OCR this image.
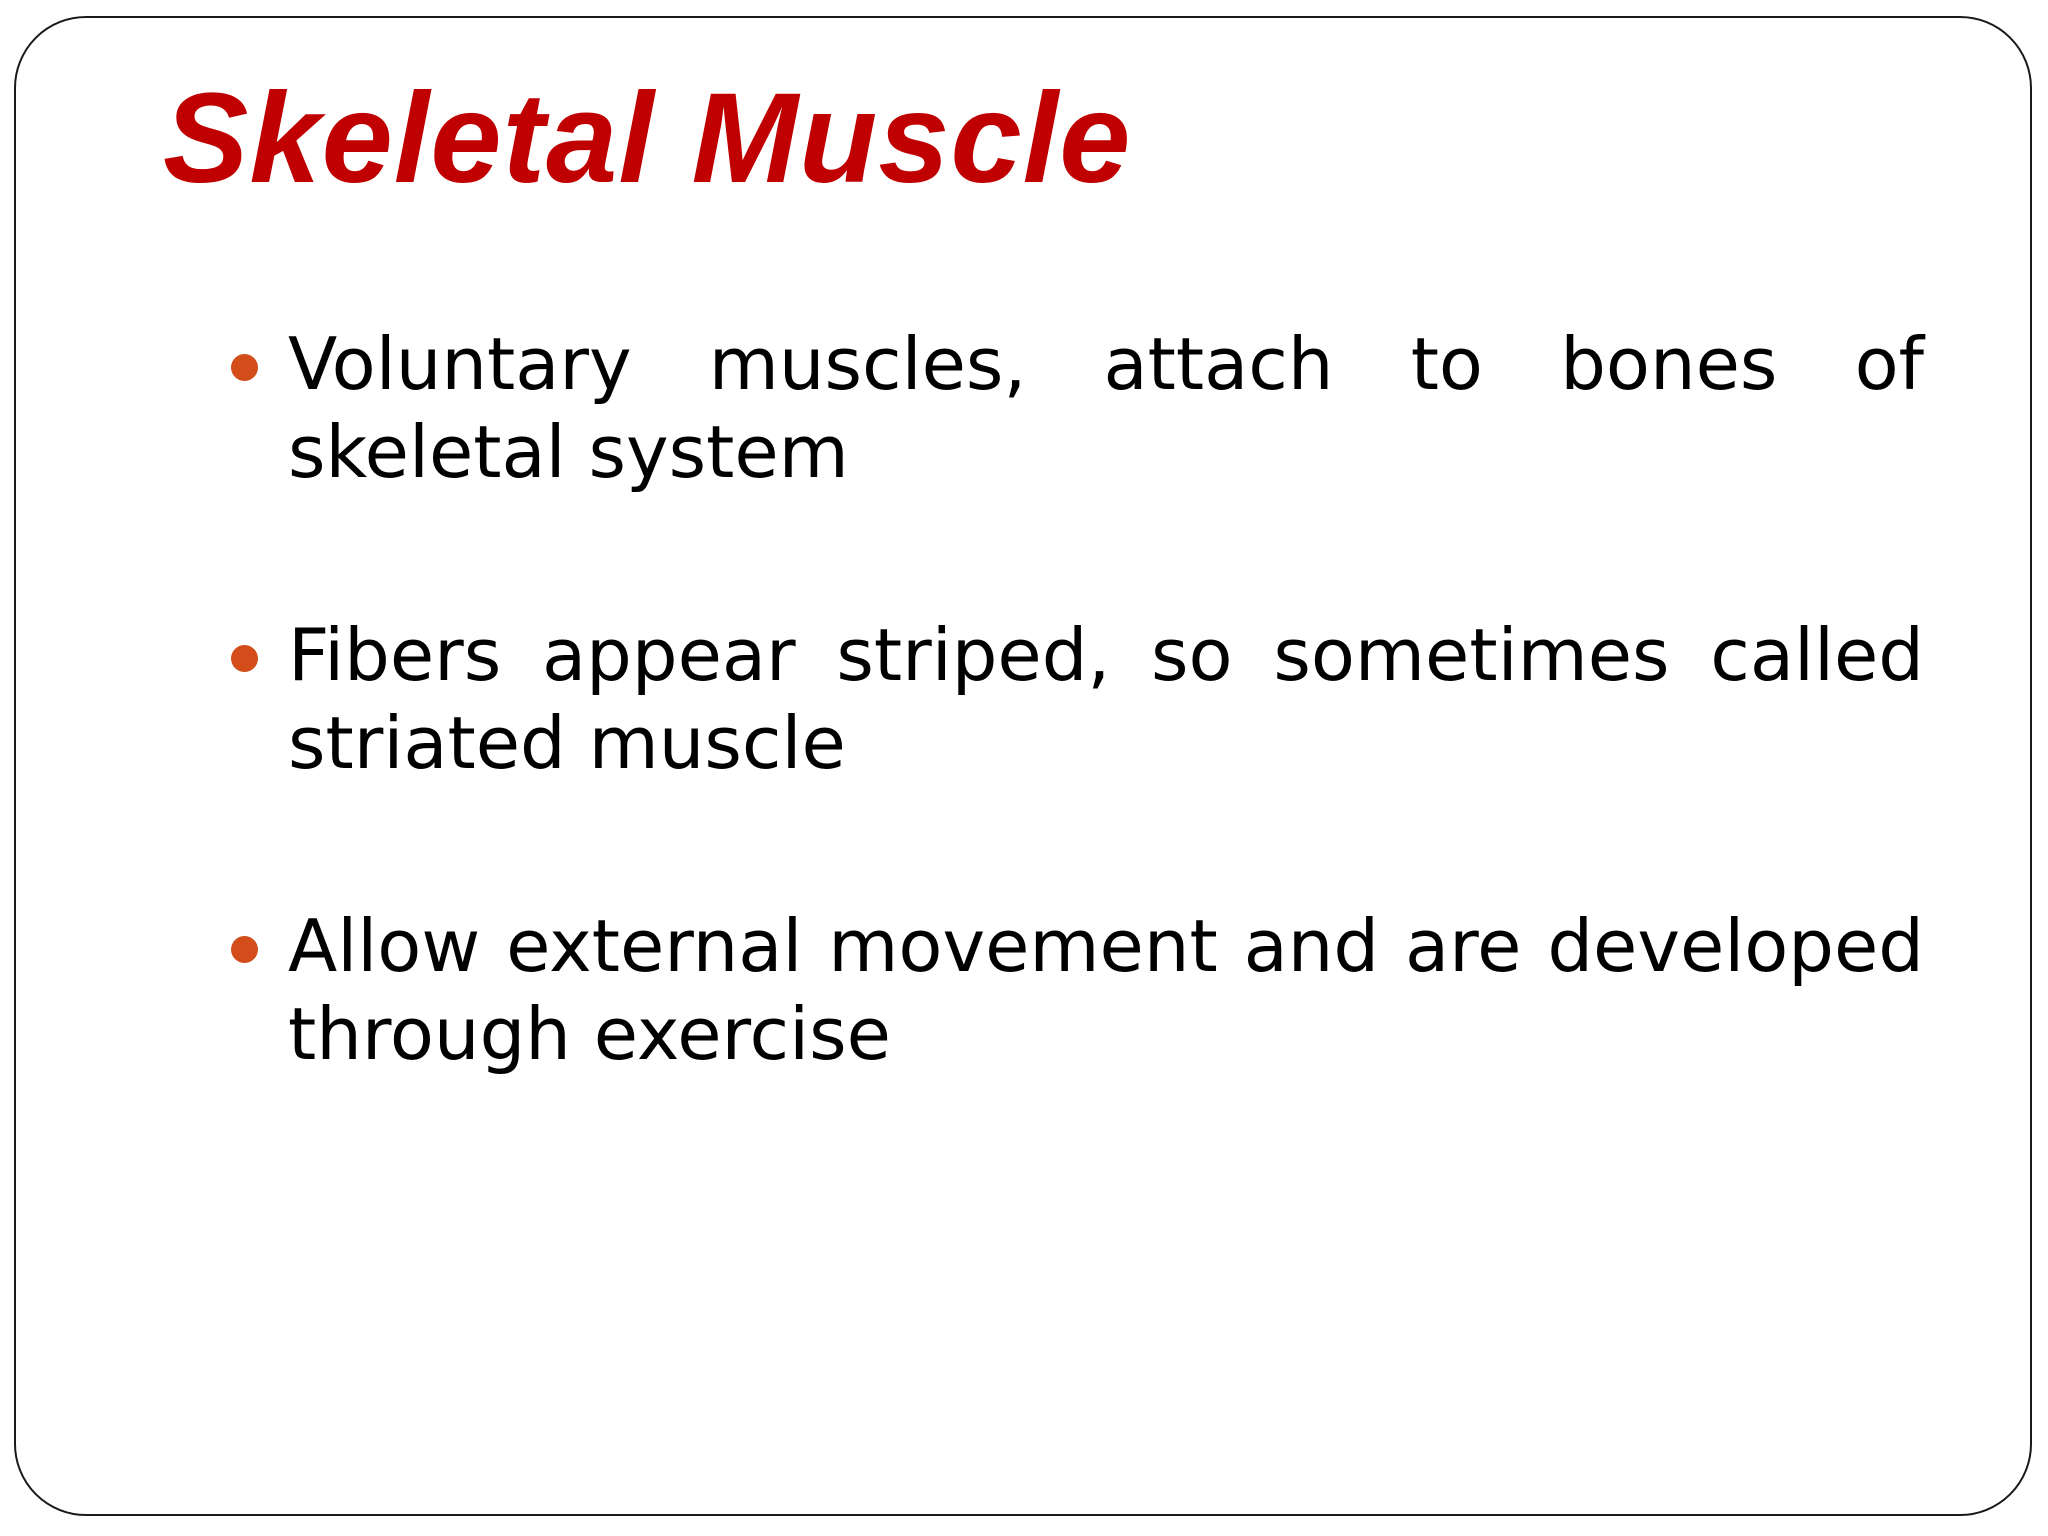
Skeletal Muscle
Voluntary muscles, attach to bones of skeletal system
Fibers appear striped, so sometimes called striated muscle
Allow external movement and are developed through exercise
